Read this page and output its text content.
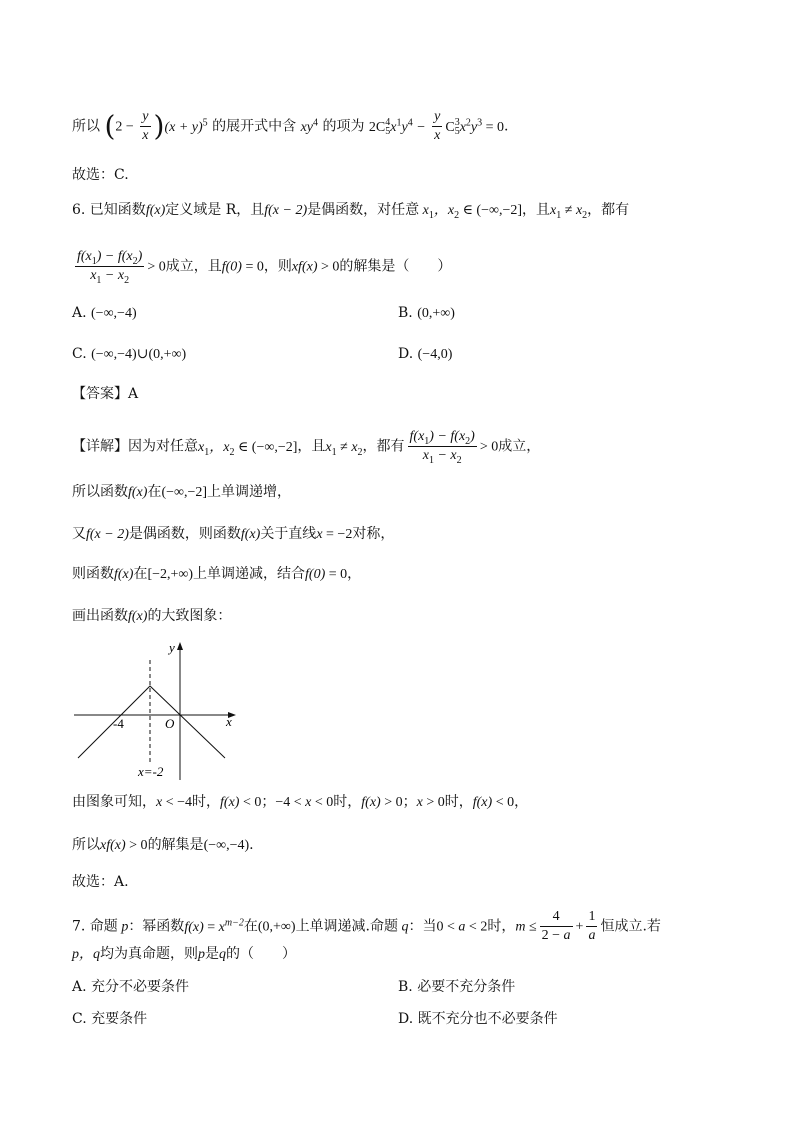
所以 $(2 - \frac{y}{x} )(x + y)^5$ 的展开式中含 $xy^4$ 的项为 2C4
$5x^1y^4 - \frac{y}{x} C3$
$5x^2y^3 = 0$.
故选：C.
6. 已知函数f(x)定义域是 R，且f(x − 2)是偶函数，对任意 $x_1$，$x_2$ ∈ (−∞,−2]，且$x_1 \ne x_2$，都有
$\frac{f(x_1) - f(x_2)}{x_1 - x_2} > 0$成立，且f(0) = 0，则xf(x) > 0的解集是（　　）
A. (−∞,−4)	B. (0,+∞)
C. (−∞,−4)∪(0,+∞)	D. (−4,0)
【答案】A
【详解】因为对任意$x_1$，$x_2$ ∈ (−∞,−2]，且$x_1 \ne x_2$，都有 $\frac{f(x_1) - f(x_2)}{x_1 - x_2} > 0$成立，
所以函数f(x)在(−∞,−2]上单调递增，
又f(x − 2)是偶函数，则函数f(x)关于直线x = −2对称，
则函数f(x)在[−2,+∞)上单调递减，结合f(0) = 0，
画出函数f(x)的大致图象：
y
x
O
-4
x=-2
由图象可知，x < −4时，f(x) < 0；−4 < x < 0时，f(x) > 0；x > 0时，f(x) < 0，
所以xf(x) > 0的解集是(−∞,−4).
故选：A.
7. 命题 p：幂函数$f(x) = x^{m-2}$在(0,+∞)上单调递减.命题 q：当0 < a < 2时，$m \le \frac{4}{2 - a} + \frac{1}{a}$ 恒成立.若
p，q均为真命题，则p是q的（　　）
A. 充分不必要条件	B. 必要不充分条件
C. 充要条件	D. 既不充分也不必要条件
